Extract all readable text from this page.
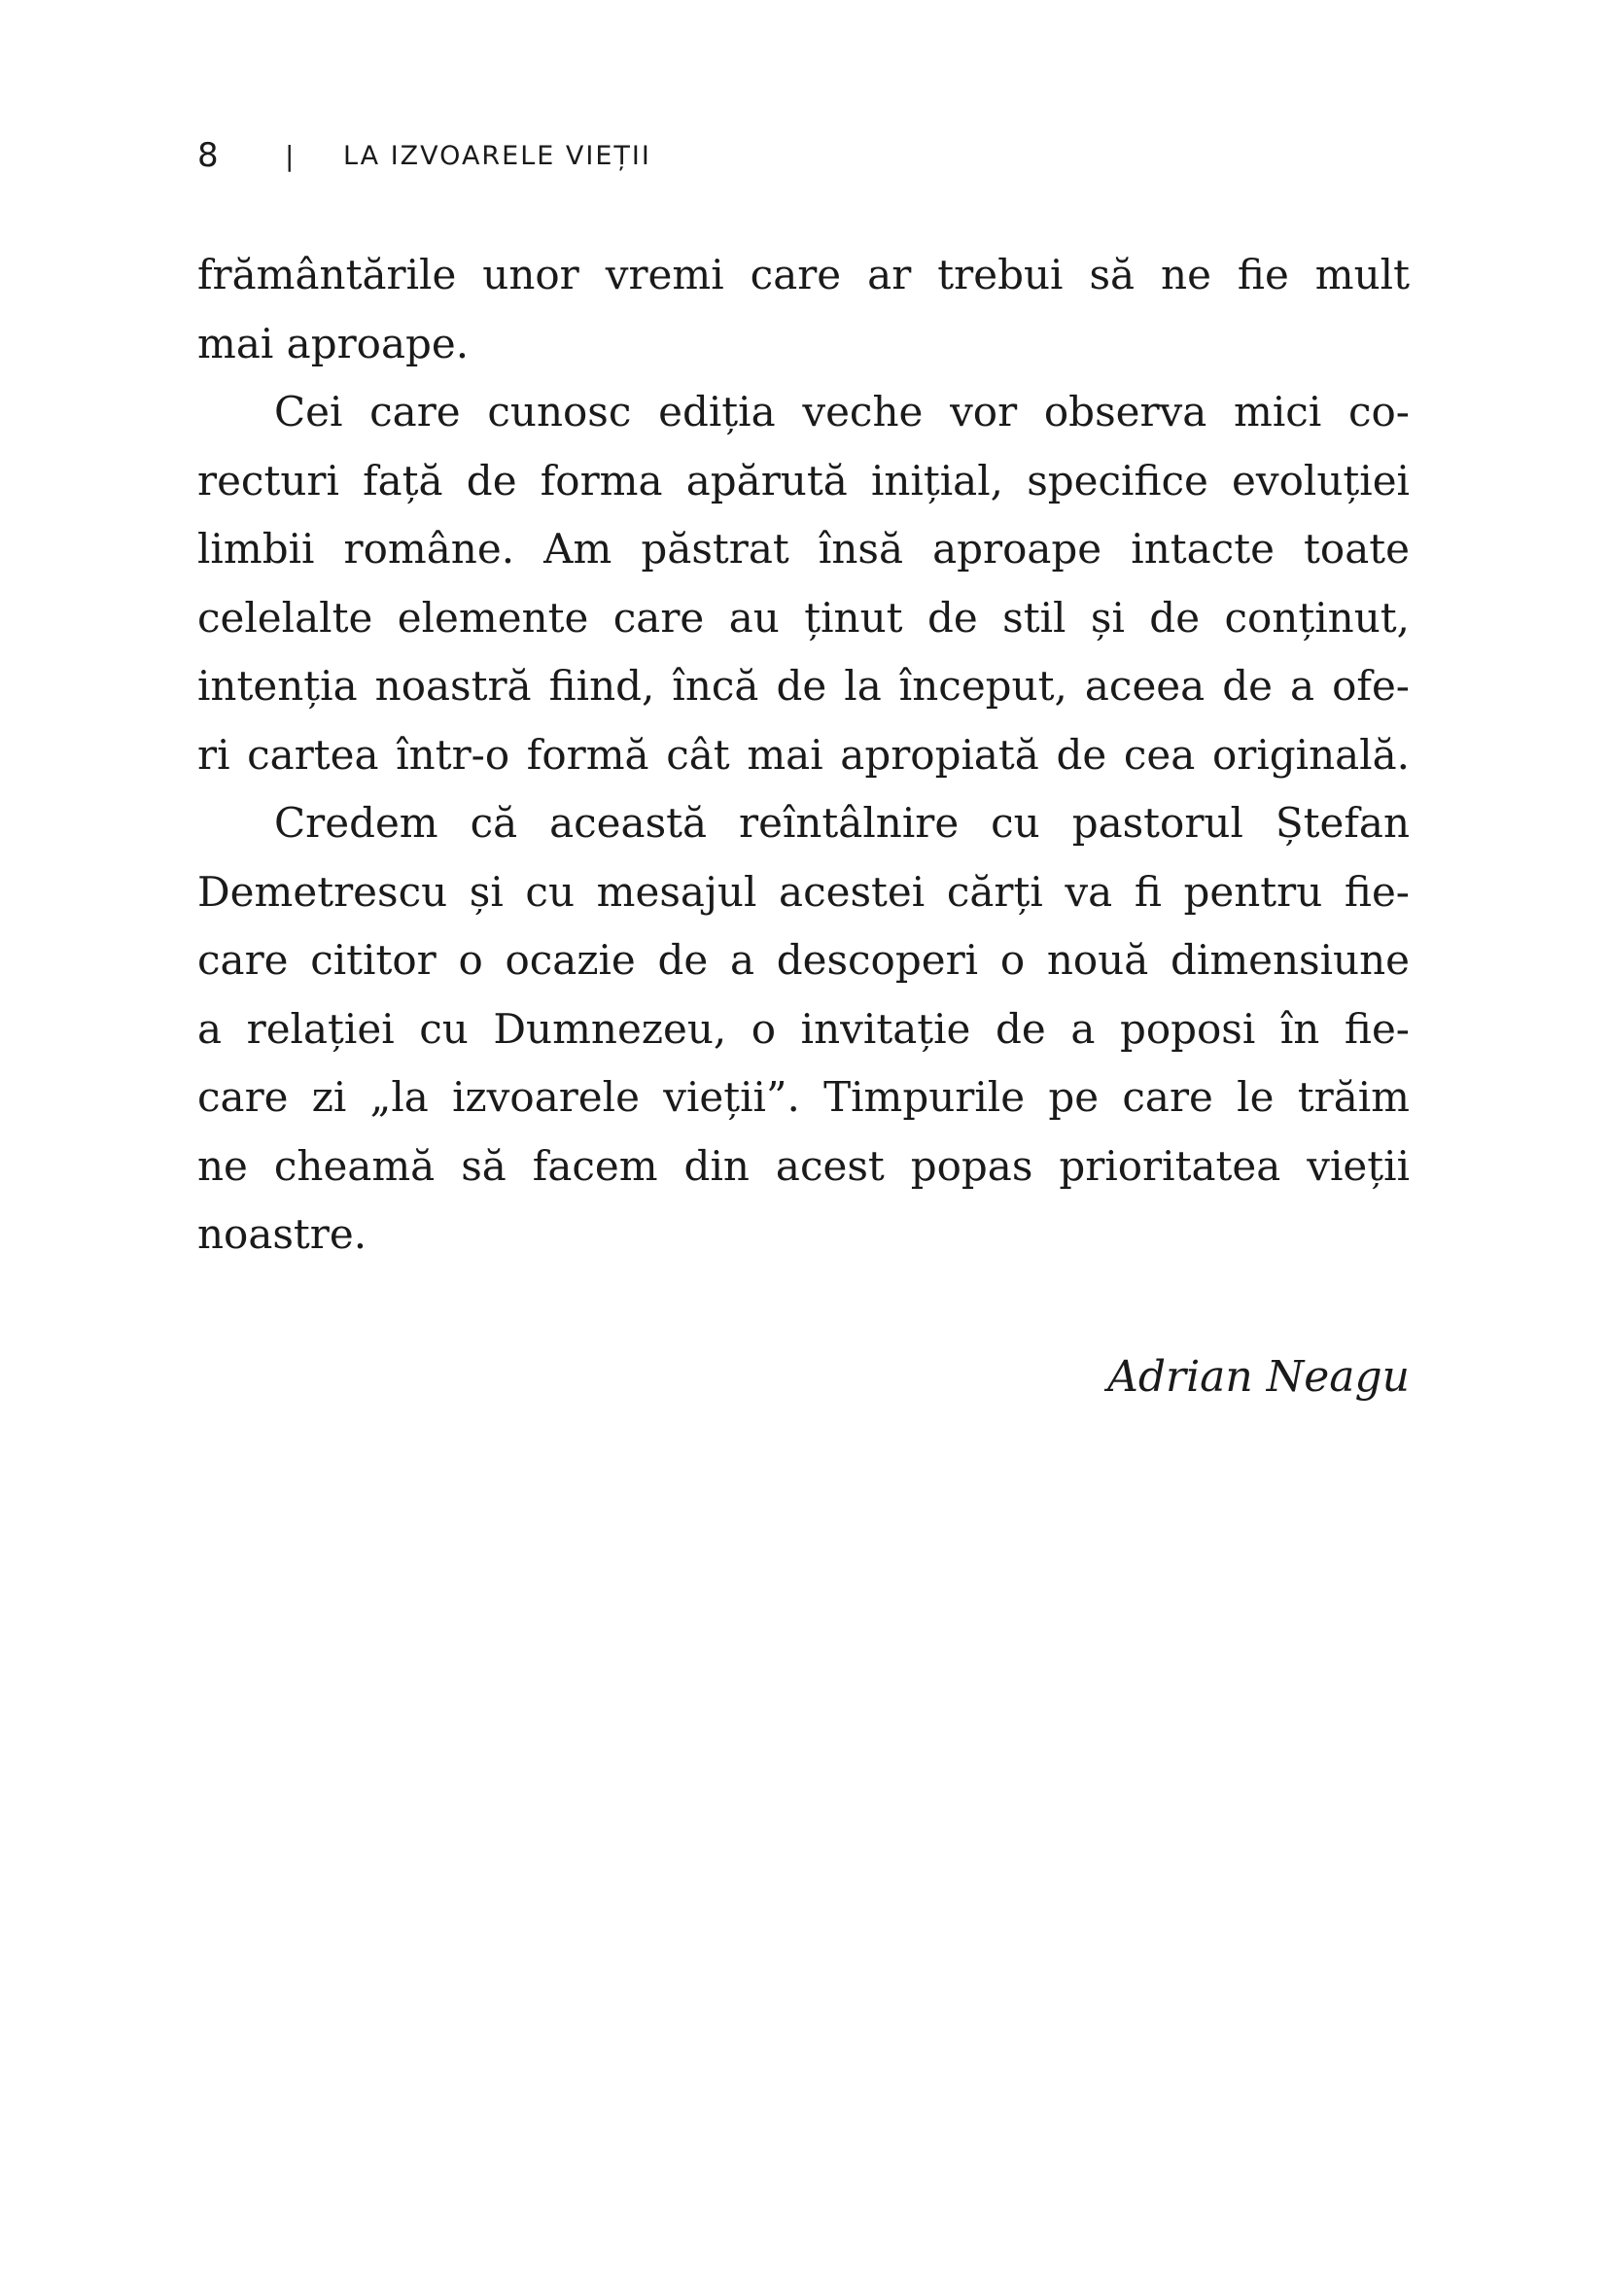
8	|	LA IZVOARELE VIEȚII
frământările unor vremi care ar trebui să ne fie mult
mai aproape.
Cei care cunosc ediția veche vor observa mici co-
recturi față de forma apărută inițial, specifice evoluției
limbii române. Am păstrat însă aproape intacte toate
celelalte elemente care au ținut de stil și de conținut,
intenția noastră fiind, încă de la început, aceea de a ofe-
ri cartea într-o formă cât mai apropiată de cea originală.
Credem că această reîntâlnire cu pastorul Ștefan
Demetrescu și cu mesajul acestei cărți va fi pentru fie-
care cititor o ocazie de a descoperi o nouă dimensiune
a relației cu Dumnezeu, o invitație de a poposi în fie-
care zi „la izvoarele vieții”. Timpurile pe care le trăim
ne cheamă să facem din acest popas prioritatea vieții
noastre.
Adrian Neagu
